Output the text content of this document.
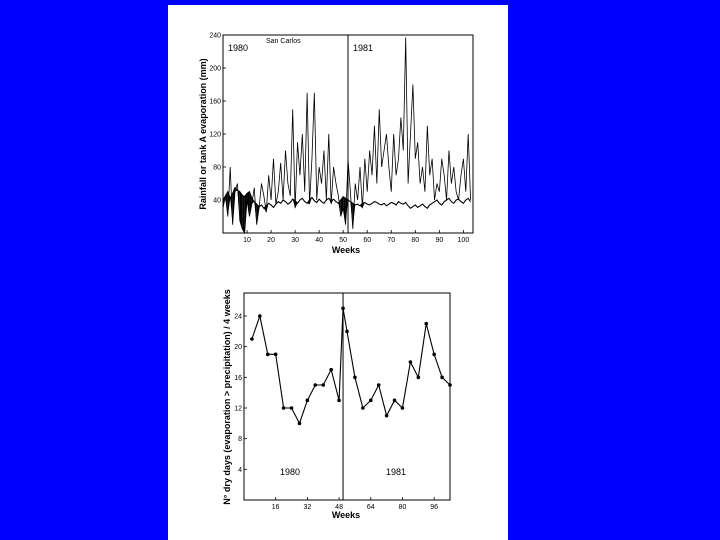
10 20 30 40 50 60 70 80 90 100
40
80
120
160
200
240
San Carlos
1980	1981
Weeks
Rainfall or tank A evaporation (mm)
16	32	48	64	80	96
4
8
12
16
20
24
1980	1981
Weeks
N° dry days (evaporation > precipitation) / 4 weeks
